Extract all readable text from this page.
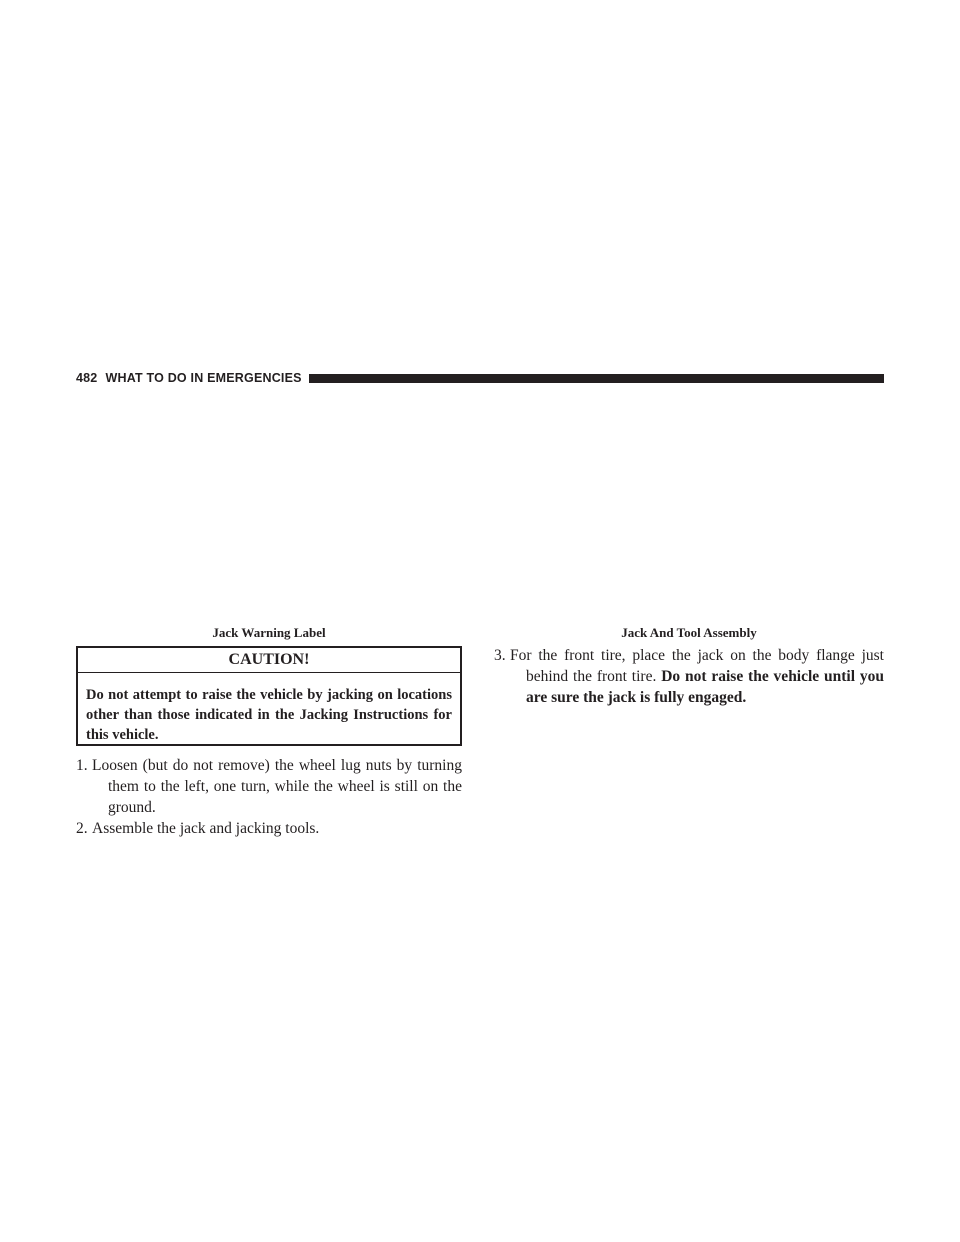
482 WHAT TO DO IN EMERGENCIES
Jack Warning Label	Jack And Tool Assembly
CAUTION!
Do not attempt to raise the vehicle by jacking on locations other than those indicated in the Jacking Instructions for this vehicle.
1. Loosen (but do not remove) the wheel lug nuts by turning them to the left, one turn, while the wheel is still on the ground.
2. Assemble the jack and jacking tools.
3. For the front tire, place the jack on the body flange just behind the front tire. Do not raise the vehicle until you are sure the jack is fully engaged.
